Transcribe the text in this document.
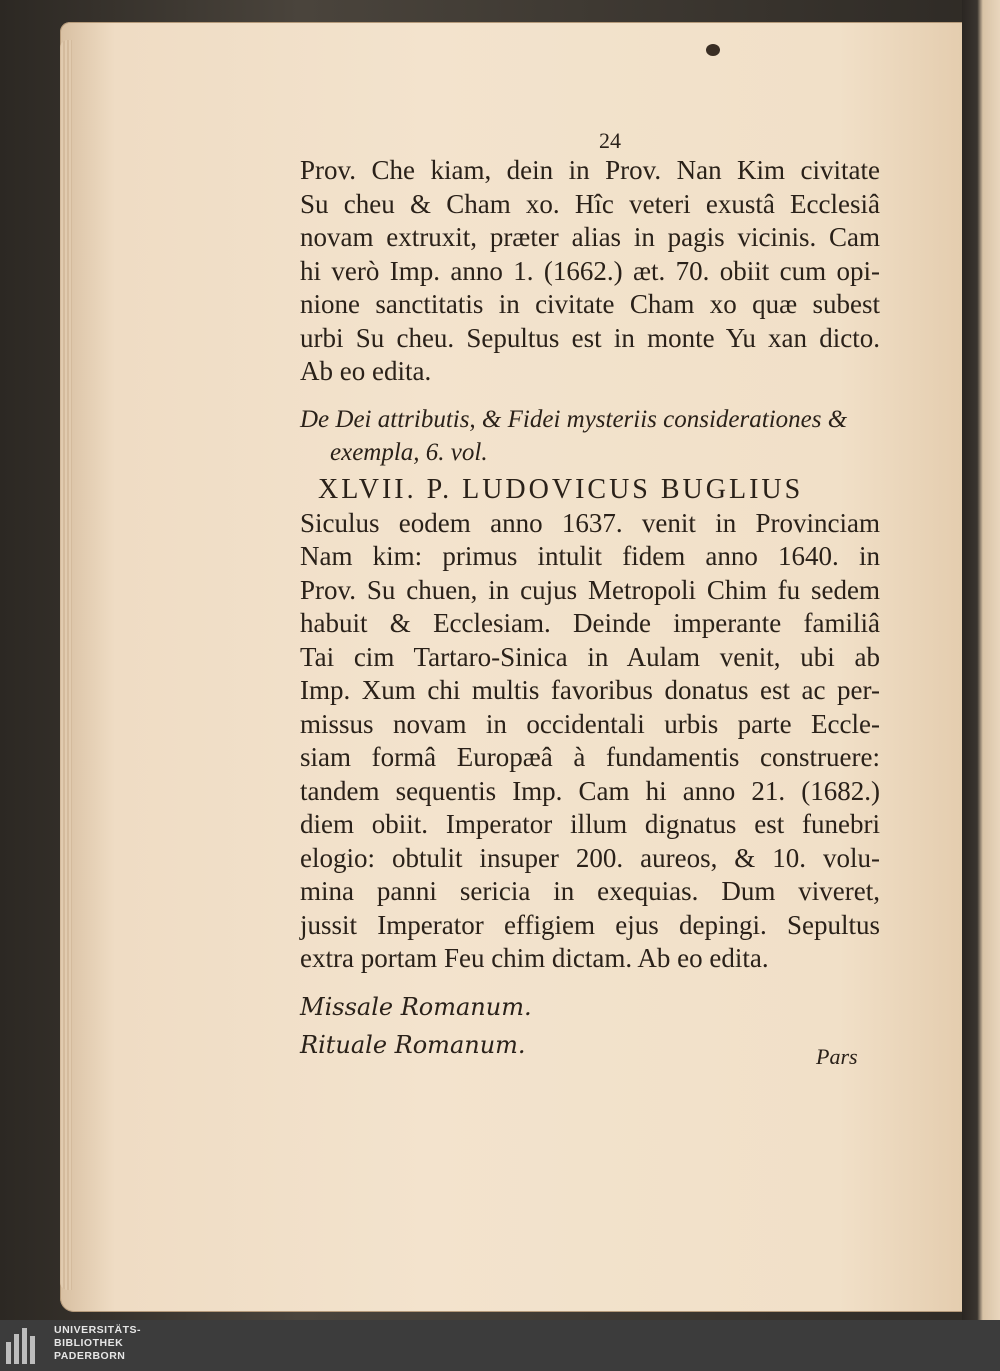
24
Prov. Che kiam, dein in Prov. Nan Kim civitate
Su cheu & Cham xo. Hîc veteri exustâ Ecclesiâ
novam extruxit, præter alias in pagis vicinis. Cam
hi verò Imp. anno 1. (1662.) æt. 70. obiit cum opi-
nione sanctitatis in civitate Cham xo quæ subest
urbi Su cheu. Sepultus est in monte Yu xan dicto.
Ab eo edita.
De Dei attributis, & Fidei mysteriis considerationes &
exempla, 6. vol.
XLVII. P. LUDOVICUS BUGLIUS
Siculus eodem anno 1637. venit in Provinciam
Nam kim: primus intulit fidem anno 1640. in
Prov. Su chuen, in cujus Metropoli Chim fu sedem
habuit & Ecclesiam. Deinde imperante familiâ
Tai cim Tartaro-Sinica in Aulam venit, ubi ab
Imp. Xum chi multis favoribus donatus est ac per-
missus novam in occidentali urbis parte Eccle-
siam formâ Europæâ à fundamentis construere:
tandem sequentis Imp. Cam hi anno 21. (1682.)
diem obiit. Imperator illum dignatus est funebri
elogio: obtulit insuper 200. aureos, & 10. volu-
mina panni sericia in exequias. Dum viveret,
jussit Imperator effigiem ejus depingi. Sepultus
extra portam Feu chim dictam. Ab eo edita.
Missale Romanum.
Rituale Romanum.	Pars
UNIVERSITÄTS-
BIBLIOTHEK
PADERBORN
